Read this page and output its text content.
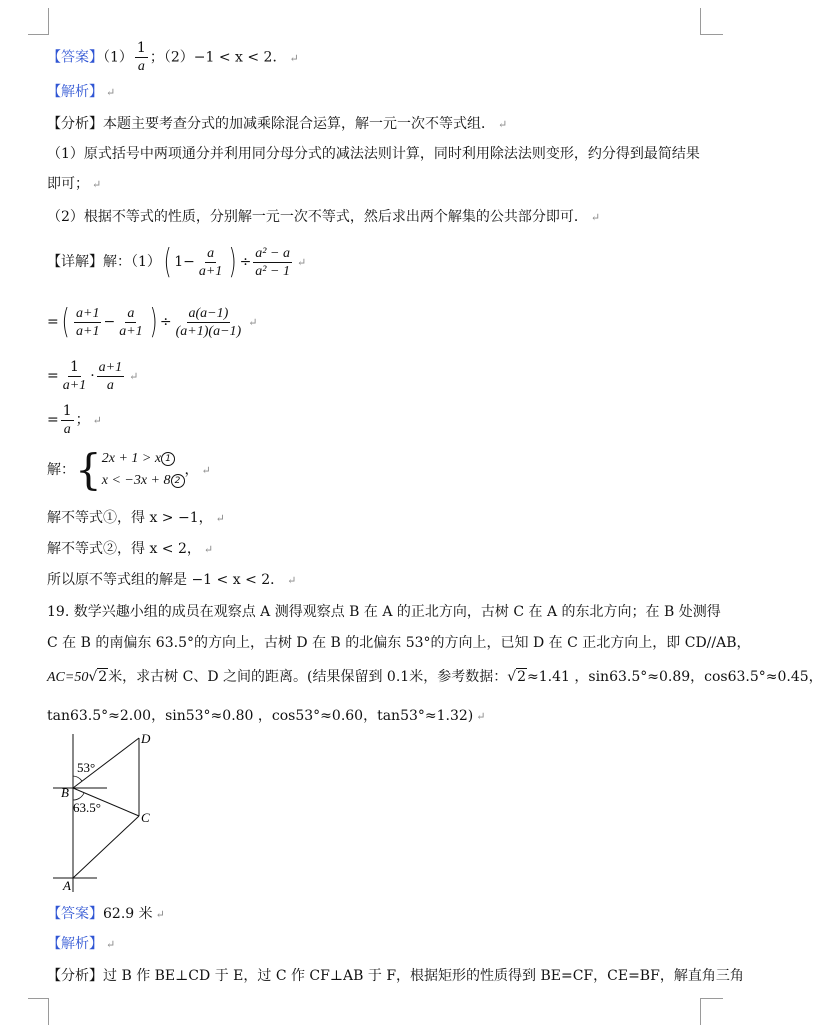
【答案】$(1) \frac{1}{a}$ ；（2）−1 < x < 2． ↵
【解析】 ↵
【分析】本题主要考查分式的加减乘除混合运算，解一元一次不等式组． ↵
（1）原式括号中两项通分并利用同分母分式的减法法则计算，同时利用除法法则变形，约分得到最简结果
即可； ↵
（2）根据不等式的性质，分别解一元一次不等式，然后求出两个解集的公共部分即可． ↵
【详解】解：（1）( $1- \frac{a}{a+1}$ ) ÷ $\frac{\text{a² − a}}{\text{a² − 1}}$ ↵
=( $\frac{a+1}{a+1} - \frac{a}{a+1}$ ) ÷ $\frac{a(a-1)}{(a+1)(a-1)}$ ↵
= $\frac{1}{a+1} \cdot \frac{a+1}{a}$ ↵
= $\frac{1}{a}$ ； ↵
解：{ 2x + 1 > x 1
x < −3x + 8 2
， ↵
解不等式①，得 x > −1， ↵
解不等式②，得 x < 2， ↵
所以原不等式组的解是 −1 < x < 2． ↵
19. 数学兴趣小组的成员在观察点 A 测得观察点 B 在 A 的正北方向，古树 C 在 A 的东北方向；在 B 处测得
C 在 B 的南偏东 63.5°的方向上，古树 D 在 B 的北偏东 53°的方向上，已知 D 在 C 正北方向上，即 CD//AB，
AC=50√2米，求古树 C、D 之间的距离。(结果保留到 0.1米，参考数据：√2≈1.41 ，sin63.5°≈0.89，cos63.5°≈0.45，
tan63.5°≈2.00，sin53°≈0.80 ，cos53°≈0.60，tan53°≈1.32) ↵
D
B
C
A
53°
63.5°
【答案】62.9 米 ↵
【解析】 ↵
【分析】过 B 作 BE⊥CD 于 E，过 C 作 CF⊥AB 于 F，根据矩形的性质得到 BE=CF，CE=BF，解直角三角
